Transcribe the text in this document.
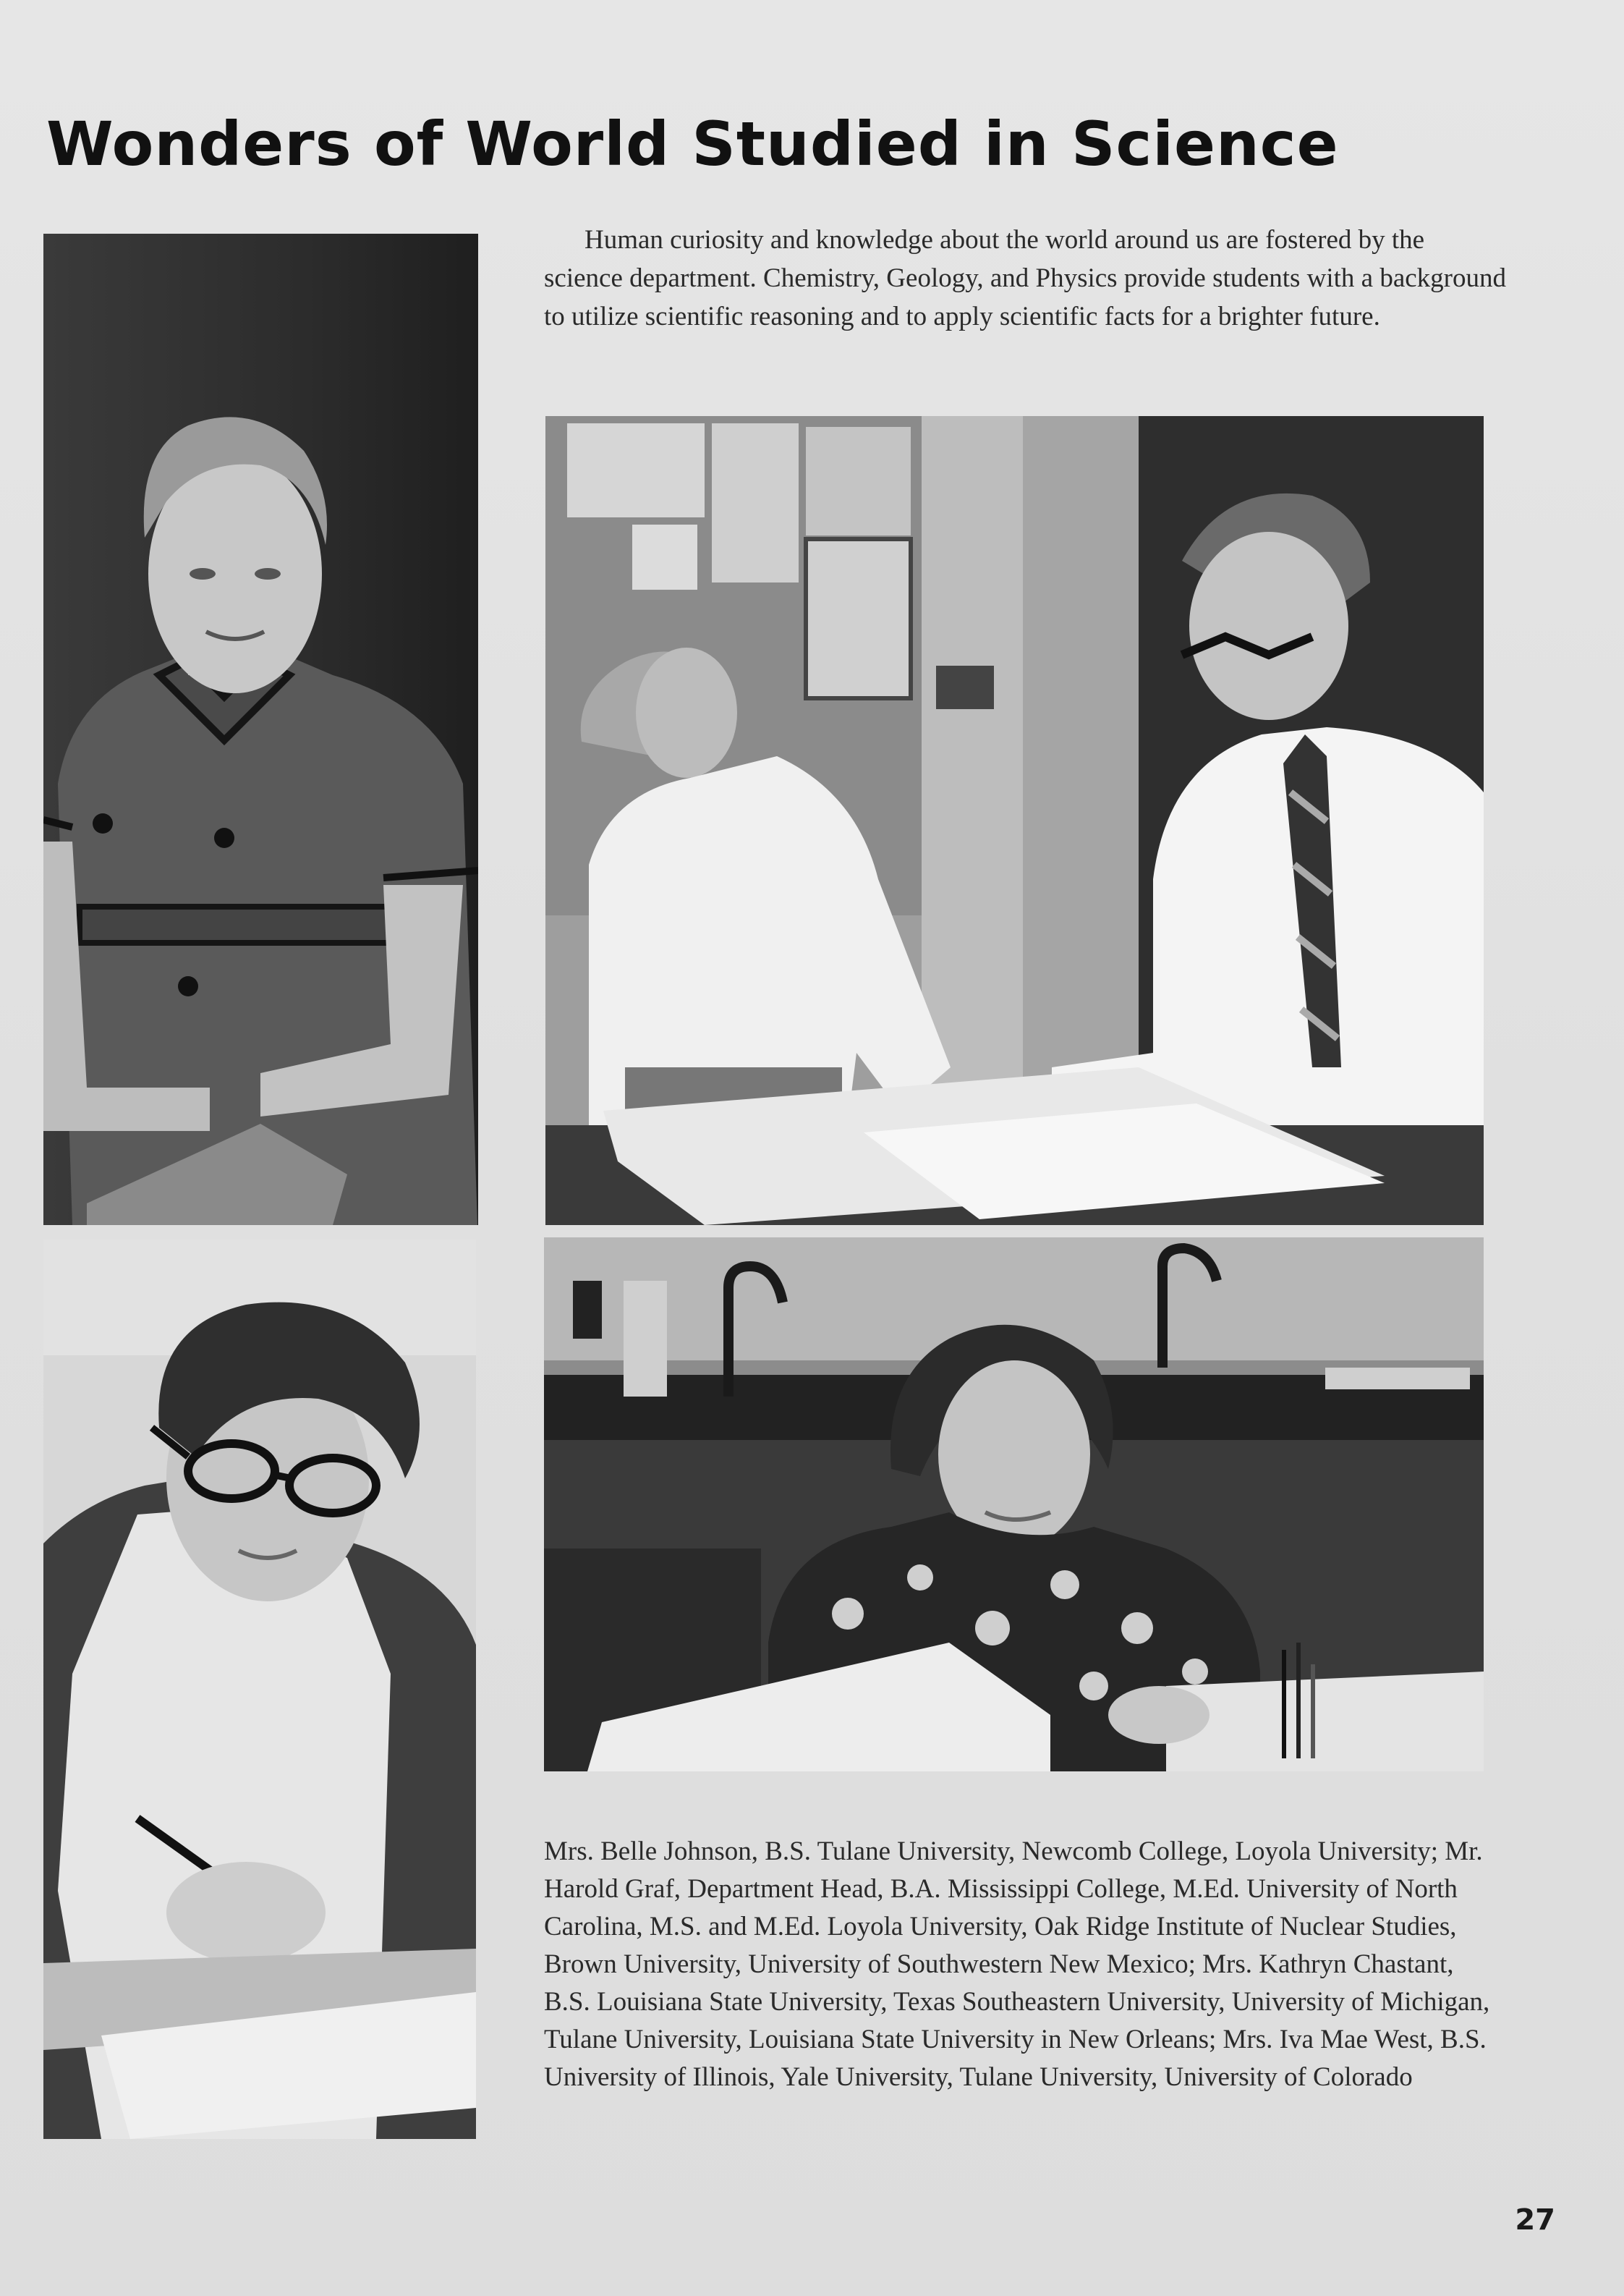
Wonders of World Studied in Science

Human curiosity and knowledge about the world around us are fostered by the science department. Chemistry, Geology, and Physics provide students with a background to utilize scientific reasoning and to apply scientific facts for a brighter future.

Mrs. Belle Johnson, B.S. Tulane University, Newcomb College, Loyola University; Mr. Harold Graf, Department Head, B.A. Mississippi College, M.Ed. University of North Carolina, M.S. and M.Ed. Loyola University, Oak Ridge Institute of Nuclear Studies, Brown University, University of Southwestern New Mexico; Mrs. Kathryn Chastant, B.S. Louisiana State University, Texas Southeastern University, University of Michigan, Tulane University, Louisiana State University in New Orleans; Mrs. Iva Mae West, B.S. University of Illinois, Yale University, Tulane University, University of Colorado

27
